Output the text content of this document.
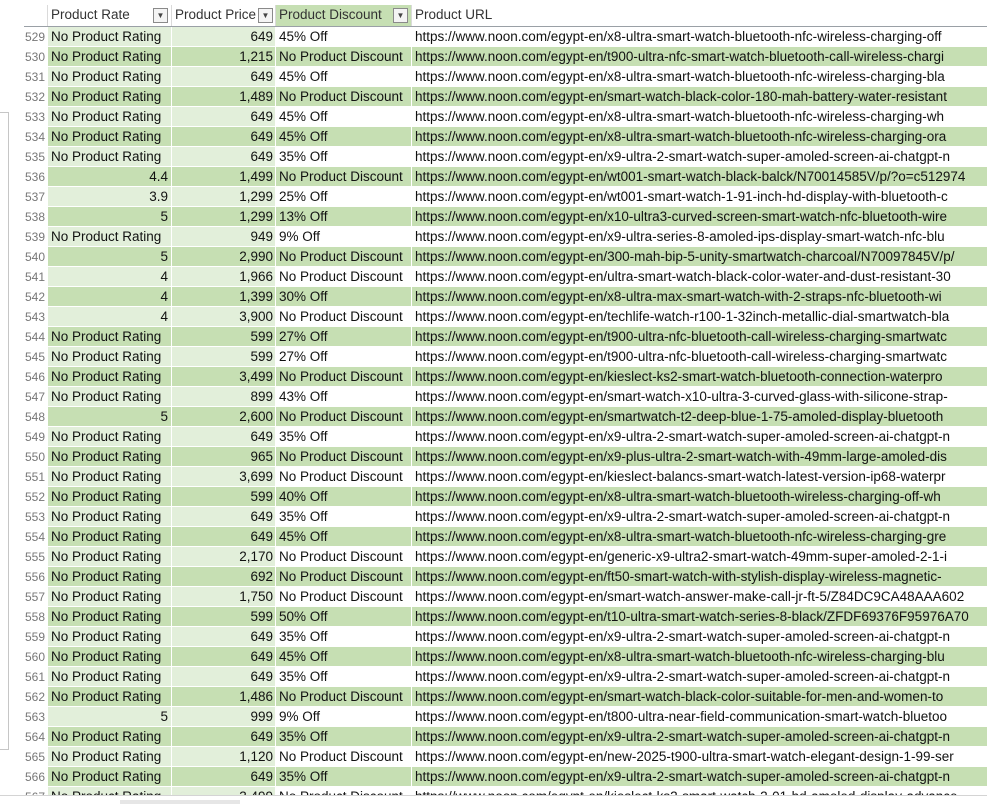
Product Rate	▼ Product Price ▼ Product Discount	▼ Product URL
529 No Product Rating	649 45% Off	https://www.noon.com/egypt-en/x8-ultra-smart-watch-bluetooth-nfc-wireless-charging-off
530 No Product Rating	1,215 No Product Discount https://www.noon.com/egypt-en/t900-ultra-nfc-smart-watch-bluetooth-call-wireless-chargi
531 No Product Rating	649 45% Off	https://www.noon.com/egypt-en/x8-ultra-smart-watch-bluetooth-nfc-wireless-charging-bla
532 No Product Rating	1,489 No Product Discount https://www.noon.com/egypt-en/smart-watch-black-color-180-mah-battery-water-resistant
533 No Product Rating	649 45% Off	https://www.noon.com/egypt-en/x8-ultra-smart-watch-bluetooth-nfc-wireless-charging-wh
534 No Product Rating	649 45% Off	https://www.noon.com/egypt-en/x8-ultra-smart-watch-bluetooth-nfc-wireless-charging-ora
535 No Product Rating	649 35% Off	https://www.noon.com/egypt-en/x9-ultra-2-smart-watch-super-amoled-screen-ai-chatgpt-n
536	4.4	1,499 No Product Discount https://www.noon.com/egypt-en/wt001-smart-watch-black-balck/N70014585V/p/?o=c512974
537	3.9	1,299 25% Off	https://www.noon.com/egypt-en/wt001-smart-watch-1-91-inch-hd-display-with-bluetooth-c
538	5	1,299 13% Off	https://www.noon.com/egypt-en/x10-ultra3-curved-screen-smart-watch-nfc-bluetooth-wire
539 No Product Rating	949 9% Off	https://www.noon.com/egypt-en/x9-ultra-series-8-amoled-ips-display-smart-watch-nfc-blu
540	5	2,990 No Product Discount https://www.noon.com/egypt-en/300-mah-bip-5-unity-smartwatch-charcoal/N70097845V/p/
541	4	1,966 No Product Discount https://www.noon.com/egypt-en/ultra-smart-watch-black-color-water-and-dust-resistant-30
542	4	1,399 30% Off	https://www.noon.com/egypt-en/x8-ultra-max-smart-watch-with-2-straps-nfc-bluetooth-wi
543	4	3,900 No Product Discount https://www.noon.com/egypt-en/techlife-watch-r100-1-32inch-metallic-dial-smartwatch-bla
544 No Product Rating	599 27% Off	https://www.noon.com/egypt-en/t900-ultra-nfc-bluetooth-call-wireless-charging-smartwatc
545 No Product Rating	599 27% Off	https://www.noon.com/egypt-en/t900-ultra-nfc-bluetooth-call-wireless-charging-smartwatc
546 No Product Rating	3,499 No Product Discount https://www.noon.com/egypt-en/kieslect-ks2-smart-watch-bluetooth-connection-waterpro
547 No Product Rating	899 43% Off	https://www.noon.com/egypt-en/smart-watch-x10-ultra-3-curved-glass-with-silicone-strap-
548	5	2,600 No Product Discount https://www.noon.com/egypt-en/smartwatch-t2-deep-blue-1-75-amoled-display-bluetooth
549 No Product Rating	649 35% Off	https://www.noon.com/egypt-en/x9-ultra-2-smart-watch-super-amoled-screen-ai-chatgpt-n
550 No Product Rating	965 No Product Discount https://www.noon.com/egypt-en/x9-plus-ultra-2-smart-watch-with-49mm-large-amoled-dis
551 No Product Rating	3,699 No Product Discount https://www.noon.com/egypt-en/kieslect-balancs-smart-watch-latest-version-ip68-waterpr
552 No Product Rating	599 40% Off	https://www.noon.com/egypt-en/x8-ultra-smart-watch-bluetooth-wireless-charging-off-wh
553 No Product Rating	649 35% Off	https://www.noon.com/egypt-en/x9-ultra-2-smart-watch-super-amoled-screen-ai-chatgpt-n
554 No Product Rating	649 45% Off	https://www.noon.com/egypt-en/x8-ultra-smart-watch-bluetooth-nfc-wireless-charging-gre
555 No Product Rating	2,170 No Product Discount https://www.noon.com/egypt-en/generic-x9-ultra2-smart-watch-49mm-super-amoled-2-1-i
556 No Product Rating	692 No Product Discount https://www.noon.com/egypt-en/ft50-smart-watch-with-stylish-display-wireless-magnetic-
557 No Product Rating	1,750 No Product Discount https://www.noon.com/egypt-en/smart-watch-answer-make-call-jr-ft-5/Z84DC9CA48AAA602
558 No Product Rating	599 50% Off	https://www.noon.com/egypt-en/t10-ultra-smart-watch-series-8-black/ZFDF69376F95976A70
559 No Product Rating	649 35% Off	https://www.noon.com/egypt-en/x9-ultra-2-smart-watch-super-amoled-screen-ai-chatgpt-n
560 No Product Rating	649 45% Off	https://www.noon.com/egypt-en/x8-ultra-smart-watch-bluetooth-nfc-wireless-charging-blu
561 No Product Rating	649 35% Off	https://www.noon.com/egypt-en/x9-ultra-2-smart-watch-super-amoled-screen-ai-chatgpt-n
562 No Product Rating	1,486 No Product Discount https://www.noon.com/egypt-en/smart-watch-black-color-suitable-for-men-and-women-to
563	5	999 9% Off	https://www.noon.com/egypt-en/t800-ultra-near-field-communication-smart-watch-bluetoo
564 No Product Rating	649 35% Off	https://www.noon.com/egypt-en/x9-ultra-2-smart-watch-super-amoled-screen-ai-chatgpt-n
565 No Product Rating	1,120 No Product Discount https://www.noon.com/egypt-en/new-2025-t900-ultra-smart-watch-elegant-design-1-99-ser
566 No Product Rating	649 35% Off	https://www.noon.com/egypt-en/x9-ultra-2-smart-watch-super-amoled-screen-ai-chatgpt-n
